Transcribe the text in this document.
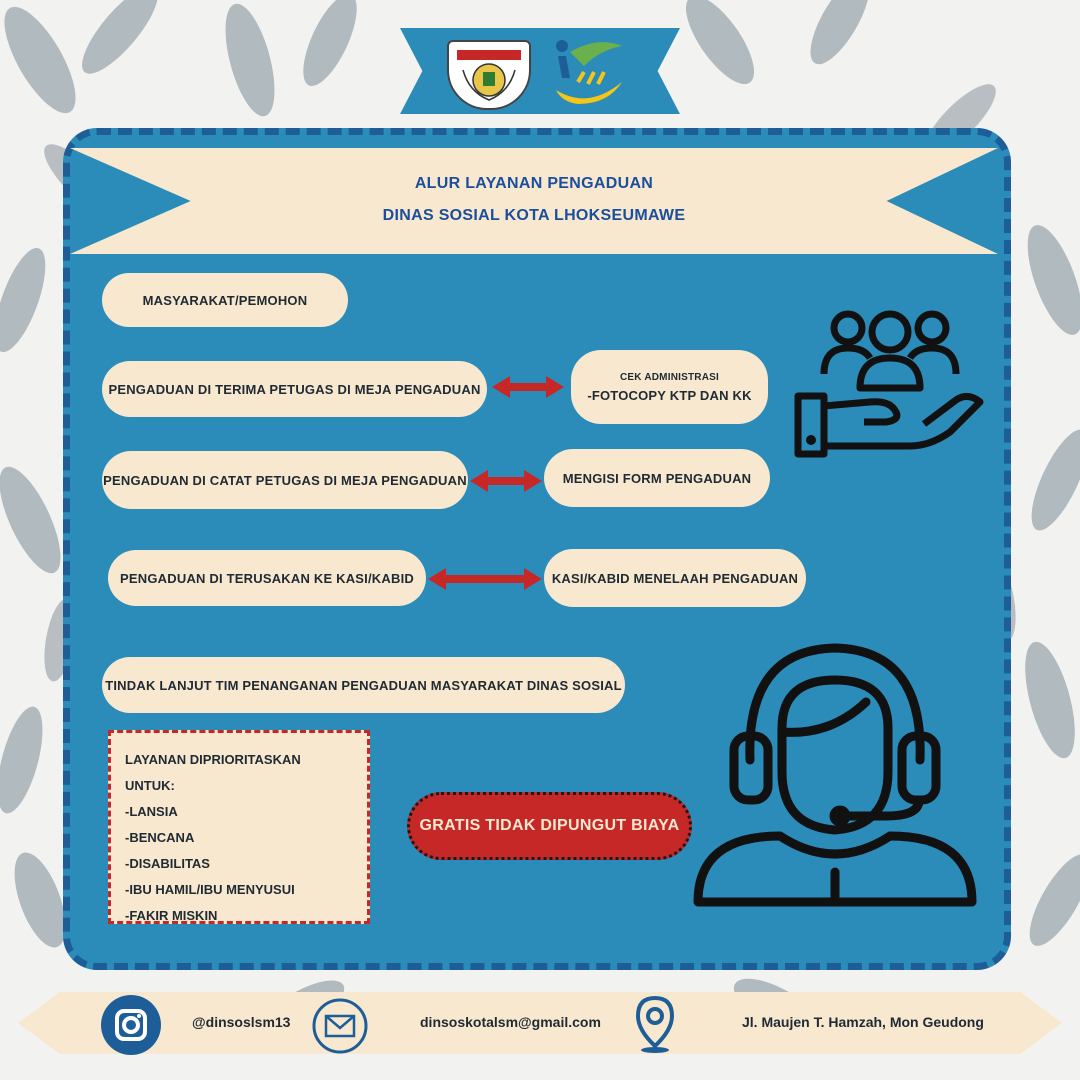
ALUR LAYANAN PENGADUAN
DINAS SOSIAL KOTA LHOKSEUMAWE
MASYARAKAT/PEMOHON
PENGADUAN DI TERIMA PETUGAS DI MEJA PENGADUAN
CEK ADMINISTRASI
-FOTOCOPY KTP DAN KK
PENGADUAN DI CATAT PETUGAS DI MEJA PENGADUAN	MENGISI FORM PENGADUAN
PENGADUAN DI TERUSAKAN KE KASI/KABID	KASI/KABID MENELAAH PENGADUAN
TINDAK LANJUT TIM PENANGANAN PENGADUAN MASYARAKAT DINAS SOSIAL
LAYANAN DIPRIORITASKAN UNTUK:
-LANSIA
-BENCANA
-DISABILITAS
-IBU HAMIL/IBU MENYUSUI
-FAKIR MISKIN
GRATIS TIDAK DIPUNGUT BIAYA
@dinsoslsm13	dinsoskotalsm@gmail.com	Jl. Maujen T. Hamzah, Mon Geudong
